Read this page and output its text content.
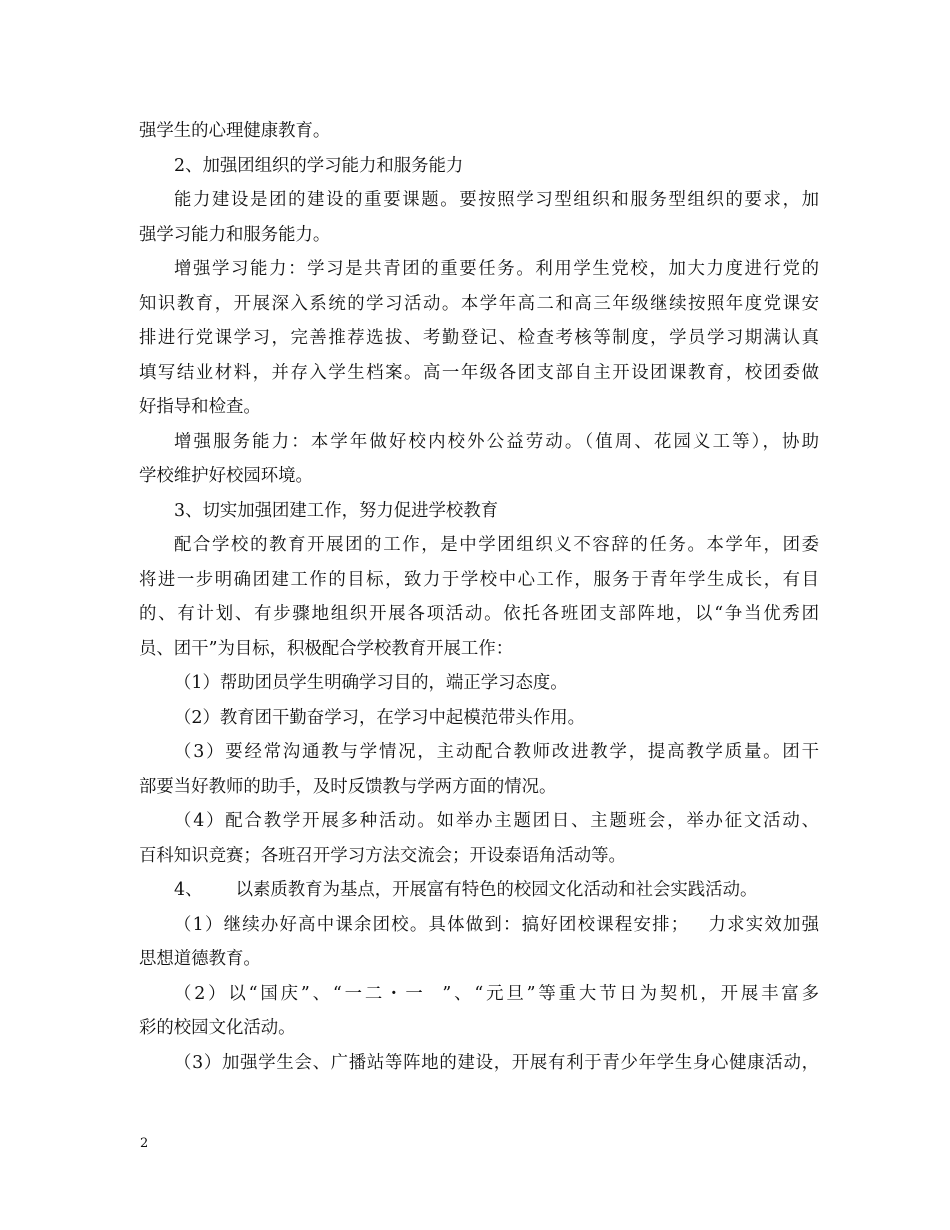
强学生的心理健康教育。
2、加强团组织的学习能力和服务能力
能力建设是团的建设的重要课题。要按照学习型组织和服务型组织的要求，加
强学习能力和服务能力。
增强学习能力：学习是共青团的重要任务。利用学生党校，加大力度进行党的
知识教育，开展深入系统的学习活动。本学年高二和高三年级继续按照年度党课安
排进行党课学习，完善推荐选拔、考勤登记、检查考核等制度，学员学习期满认真
填写结业材料，并存入学生档案。高一年级各团支部自主开设团课教育，校团委做
好指导和检查。
增强服务能力：本学年做好校内校外公益劳动。（值周、花园义工等），协助
学校维护好校园环境。
3、切实加强团建工作，努力促进学校教育
配合学校的教育开展团的工作，是中学团组织义不容辞的任务。本学年，团委
将进一步明确团建工作的目标，致力于学校中心工作，服务于青年学生成长，有目
的、有计划、有步骤地组织开展各项活动。依托各班团支部阵地，以“争当优秀团
员、团干”为目标，积极配合学校教育开展工作：
（1）帮助团员学生明确学习目的，端正学习态度。
（2）教育团干勤奋学习，在学习中起模范带头作用。
（3）要经常沟通教与学情况，主动配合教师改进教学，提高教学质量。团干
部要当好教师的助手，及时反馈教与学两方面的情况。
（4）配合教学开展多种活动。如举办主题团日、主题班会，举办征文活动、
百科知识竞赛；各班召开学习方法交流会；开设泰语角活动等。
4、      以素质教育为基点，开展富有特色的校园文化活动和社会实践活动。
（1）继续办好高中课余团校。具体做到：搞好团校课程安排；   力求实效加强
思想道德教育。
（2）以“国庆”、“一二・一  ”、“元旦”等重大节日为契机，开展丰富多
彩的校园文化活动。
（3）加强学生会、广播站等阵地的建设，开展有利于青少年学生身心健康活动，
2
